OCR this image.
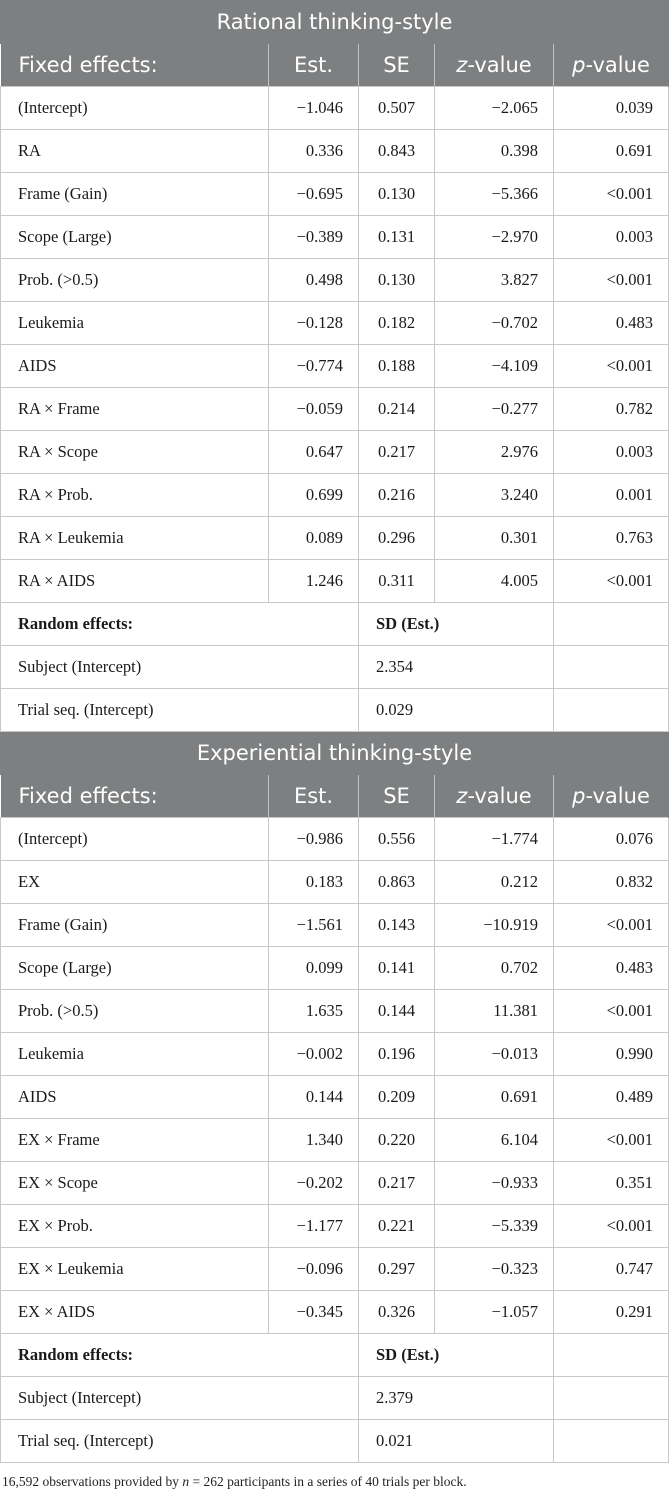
Rational thinking-style				
Fixed effects:	Est.	SE	z-value	p-value
(Intercept)	−1.046	0.507	−2.065	0.039
RA	0.336	0.843	0.398	0.691
Frame (Gain)	−0.695	0.130	−5.366	<0.001
Scope (Large)	−0.389	0.131	−2.970	0.003
Prob. (>0.5)	0.498	0.130	3.827	<0.001
Leukemia	−0.128	0.182	−0.702	0.483
AIDS	−0.774	0.188	−4.109	<0.001
RA × Frame	−0.059	0.214	−0.277	0.782
RA × Scope	0.647	0.217	2.976	0.003
RA × Prob.	0.699	0.216	3.240	0.001
RA × Leukemia	0.089	0.296	0.301	0.763
RA × AIDS	1.246	0.311	4.005	<0.001
Random effects:		SD (Est.)		
Subject (Intercept)		2.354		
Trial seq. (Intercept)		0.029		
Experiential thinking-style				
Fixed effects:	Est.	SE	z-value	p-value
(Intercept)	−0.986	0.556	−1.774	0.076
EX	0.183	0.863	0.212	0.832
Frame (Gain)	−1.561	0.143	−10.919	<0.001
Scope (Large)	0.099	0.141	0.702	0.483
Prob. (>0.5)	1.635	0.144	11.381	<0.001
Leukemia	−0.002	0.196	−0.013	0.990
AIDS	0.144	0.209	0.691	0.489
EX × Frame	1.340	0.220	6.104	<0.001
EX × Scope	−0.202	0.217	−0.933	0.351
EX × Prob.	−1.177	0.221	−5.339	<0.001
EX × Leukemia	−0.096	0.297	−0.323	0.747
EX × AIDS	−0.345	0.326	−1.057	0.291
Random effects:		SD (Est.)		
Subject (Intercept)		2.379		
Trial seq. (Intercept)		0.021		
16,592 observations provided by n = 262 participants in a series of 40 trials per block.
